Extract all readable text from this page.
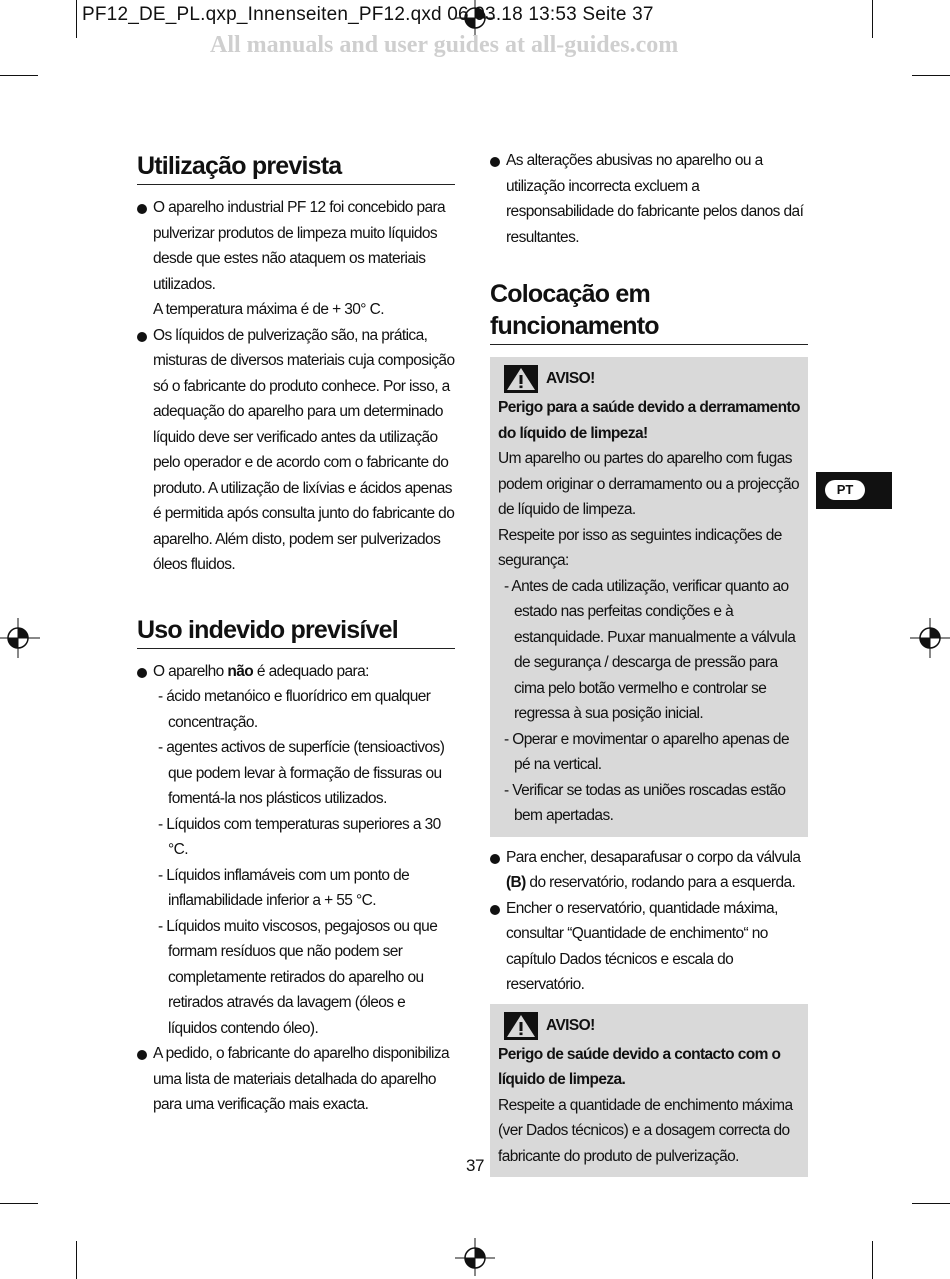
PF12_DE_PL.qxp_Innenseiten_PF12.qxd 06.03.18 13:53 Seite 37
All manuals and user guides at all-guides.com
Utilização prevista
O aparelho industrial PF 12 foi concebido para pulverizar produtos de limpeza muito líquidos desde que estes não ataquem os materiais utilizados.
A temperatura máxima é de + 30° C.
Os líquidos de pulverização são, na prática, misturas de diversos materiais cuja composição só o fabricante do produto conhece. Por isso, a adequação do aparelho para um determinado líquido deve ser verificado antes da utilização pelo operador e de acordo com o fabricante do produto. A utilização de lixívias e ácidos apenas é permitida após consulta junto do fabricante do aparelho. Além disto, podem ser pulverizados óleos fluidos.
Uso indevido previsível
O aparelho não é adequado para:
- ácido metanóico e fluorídrico em qualquer concentração.
- agentes activos de superfície (tensioactivos) que podem levar à formação de fissuras ou fomentá-la nos plásticos utilizados.
- Líquidos com temperaturas superiores a 30 °C.
- Líquidos inflamáveis com um ponto de inflamabilidade inferior a + 55 °C.
- Líquidos muito viscosos, pegajosos ou que formam resíduos que não podem ser completamente retirados do aparelho ou retirados através da lavagem (óleos e líquidos contendo óleo).
A pedido, o fabricante do aparelho disponibiliza uma lista de materiais detalhada do aparelho para uma verificação mais exacta.
As alterações abusivas no aparelho ou a utilização incorrecta excluem a responsabilidade do fabricante pelos danos daí resultantes.
Colocação em funcionamento
AVISO!
Perigo para a saúde devido a derramamento do líquido de limpeza!
Um aparelho ou partes do aparelho com fugas podem originar o derramamento ou a projecção de líquido de limpeza.
Respeite por isso as seguintes indicações de segurança:
- Antes de cada utilização, verificar quanto ao estado nas perfeitas condições e à estanquidade. Puxar manualmente a válvula de segurança / descarga de pressão para cima pelo botão vermelho e controlar se regressa à sua posição inicial.
- Operar e movimentar o aparelho apenas de pé na vertical.
- Verificar se todas as uniões roscadas estão bem apertadas.
Para encher, desaparafusar o corpo da válvula (B) do reservatório, rodando para a esquerda.
Encher o reservatório, quantidade máxima, consultar “Quantidade de enchimento“ no capítulo Dados técnicos e escala do reservatório.
AVISO!
Perigo de saúde devido a contacto com o líquido de limpeza.
Respeite a quantidade de enchimento máxima (ver Dados técnicos) e a dosagem correcta do fabricante do produto de pulverização.
PT
37
